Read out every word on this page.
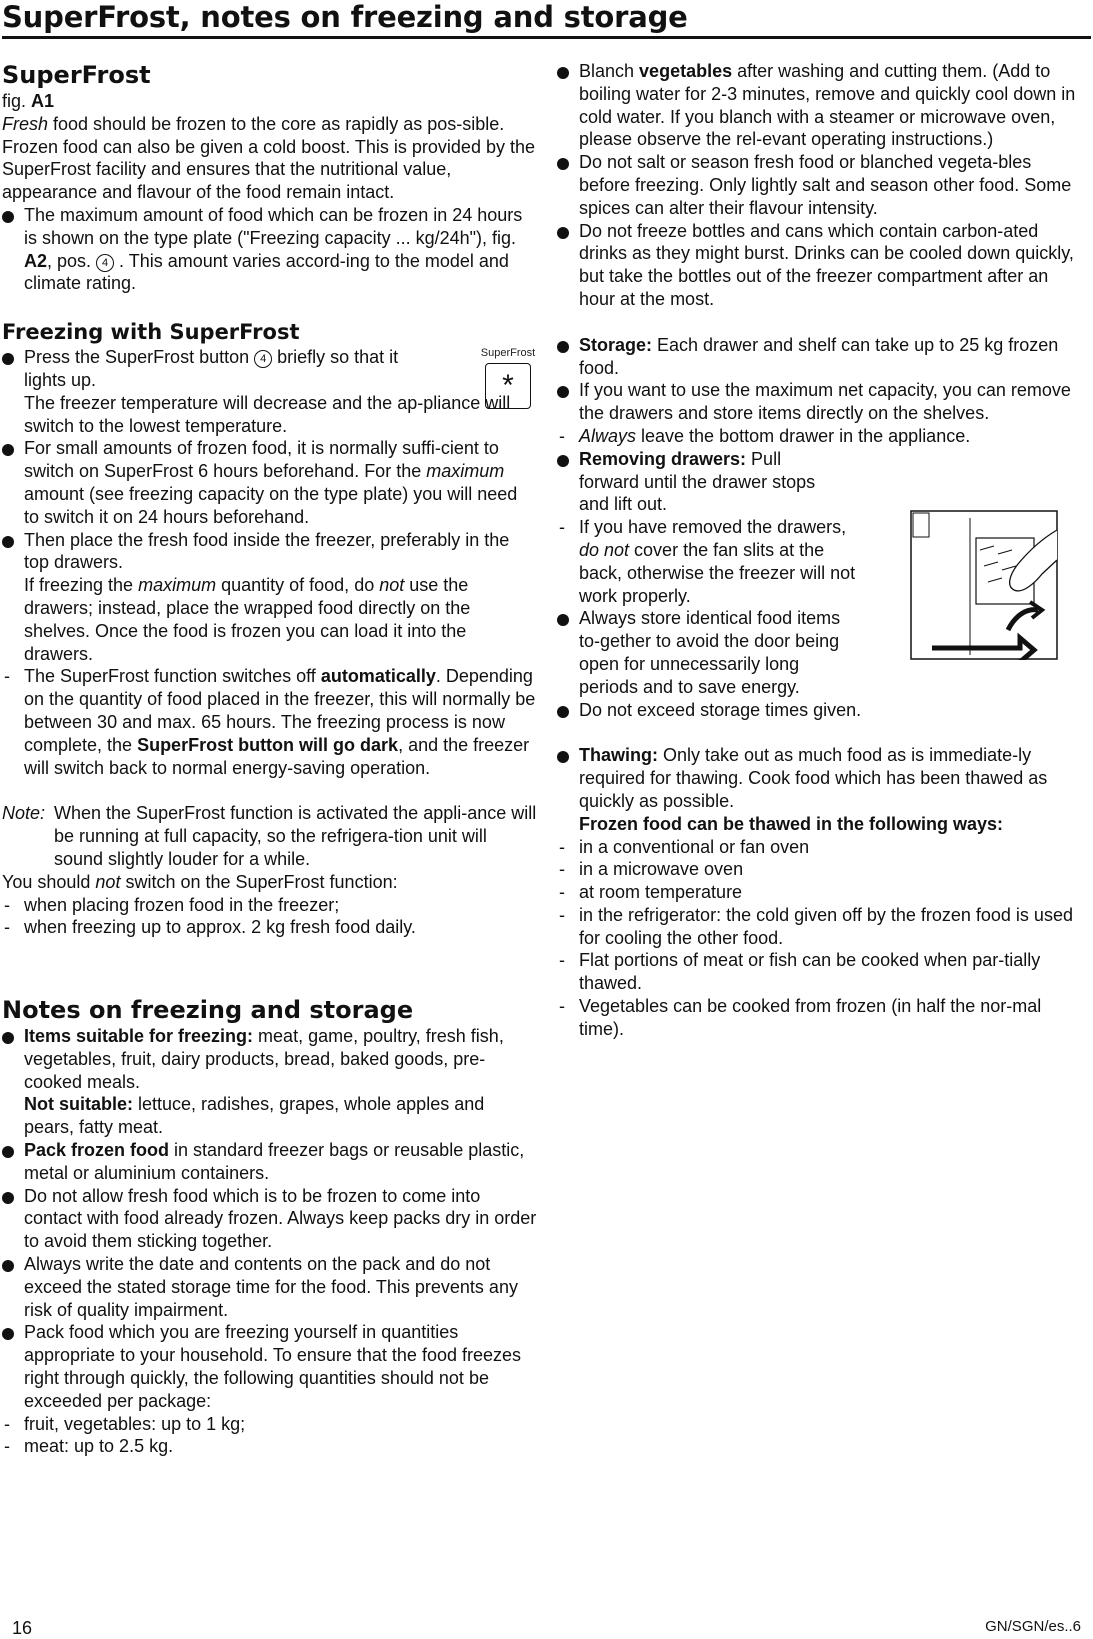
SuperFrost, notes on freezing and storage
SuperFrost

fig. A1

Fresh food should be frozen to the core as rapidly as pos-sible. Frozen food can also be given a cold boost. This is provided by the SuperFrost facility and ensures that the nutritional value, appearance and flavour of the food remain intact.

The maximum amount of food which can be frozen in 24 hours is shown on the type plate ("Freezing capacity ... kg/24h"), fig. A2, pos. 4 . This amount varies accord-ing to the model and climate rating.
Freezing with SuperFrost
Press the SuperFrost button 4 briefly so that it lights up.

The freezer temperature will decrease and the ap-pliance will switch to the lowest temperature.

For small amounts of frozen food, it is normally suffi-cient to switch on SuperFrost 6 hours beforehand. For the maximum amount (see freezing capacity on the type plate) you will need to switch it on 24 hours beforehand.
Then place the fresh food inside the freezer, preferably in the top drawers.

If freezing the maximum quantity of food, do not use the drawers; instead, place the wrapped food directly on the shelves. Once the food is frozen you can load it into the drawers.

- The SuperFrost function switches off automatically. Depending on the quantity of food placed in the freezer, this will normally be between 30 and max. 65 hours. The freezing process is now complete, the SuperFrost button will go dark, and the freezer will switch back to normal energy-saving operation.
Note: When the SuperFrost function is activated the appli-ance will be running at full capacity, so the refrigera-tion unit will sound slightly louder for a while.

You should not switch on the SuperFrost function:

- when placing frozen food in the freezer;
- when freezing up to approx. 2 kg fresh food daily.
Notes on freezing and storage
Items suitable for freezing: meat, game, poultry, fresh fish, vegetables, fruit, dairy products, bread, baked goods, pre-cooked meals.

Not suitable: lettuce, radishes, grapes, whole apples and pears, fatty meat.

Pack frozen food in standard freezer bags or reusable plastic, metal or aluminium containers.
Do not allow fresh food which is to be frozen to come into contact with food already frozen. Always keep packs dry in order to avoid them sticking together.
Always write the date and contents on the pack and do not exceed the stated storage time for the food. This prevents any risk of quality impairment.
Pack food which you are freezing yourself in quantities appropriate to your household. To ensure that the food freezes right through quickly, the following quantities should not be exceeded per package:
- fruit, vegetables: up to 1 kg;
- meat: up to 2.5 kg.
SuperFrost
*
Blanch vegetables after washing and cutting them. (Add to boiling water for 2-3 minutes, remove and quickly cool down in cold water. If you blanch with a steamer or microwave oven, please observe the rel-evant operating instructions.)
Do not salt or season fresh food or blanched vegeta-bles before freezing. Only lightly salt and season other food. Some spices can alter their flavour intensity.
Do not freeze bottles and cans which contain carbon-ated drinks as they might burst. Drinks can be cooled down quickly, but take the bottles out of the freezer compartment after an hour at the most.
Storage: Each drawer and shelf can take up to 25 kg frozen food.
If you want to use the maximum net capacity, you can remove the drawers and store items directly on the shelves.
- Always leave the bottom drawer in the appliance.
Removing drawers: Pull forward until the drawer stops and lift out.
- If you have removed the drawers, do not cover the fan slits at the back, otherwise the freezer will not work properly.
Always store identical food items to-gether to avoid the door being open for unnecessarily long periods and to save energy.
Do not exceed storage times given.
Thawing: Only take out as much food as is immediate-ly required for thawing. Cook food which has been thawed as quickly as possible.

Frozen food can be thawed in the following ways:

- in a conventional or fan oven
- in a microwave oven
- at room temperature
- in the refrigerator: the cold given off by the frozen food is used for cooling the other food.
- Flat portions of meat or fish can be cooked when par-tially thawed.
- Vegetables can be cooked from frozen (in half the nor-mal time).
16	GN/SGN/es..6
